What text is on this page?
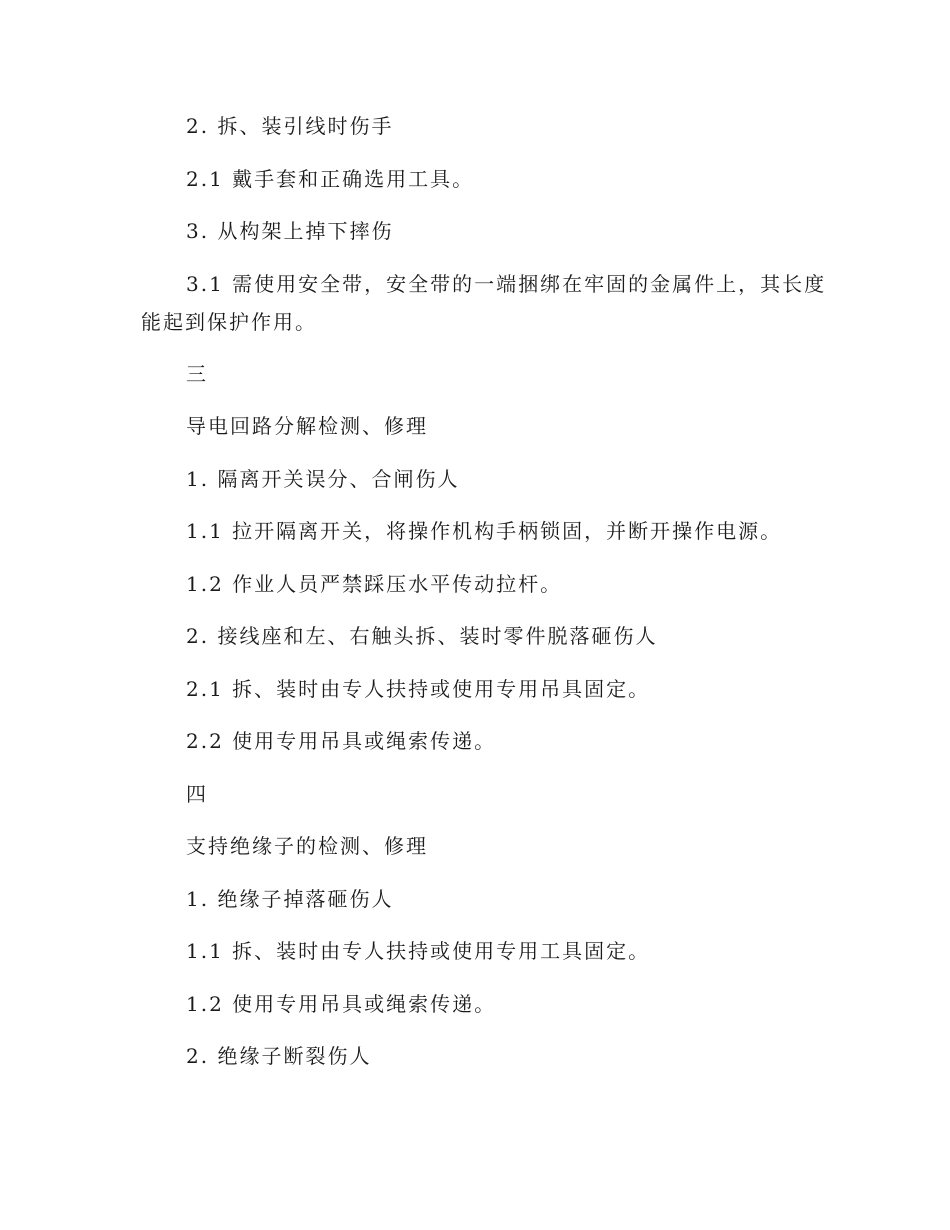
2. 拆、装引线时伤手

2.1 戴手套和正确选用工具。

3. 从构架上掉下摔伤

3.1 需使用安全带，安全带的一端捆绑在牢固的金属件上，其长度

能起到保护作用。

三

导电回路分解检测、修理

1. 隔离开关误分、合闸伤人

1.1 拉开隔离开关，将操作机构手柄锁固，并断开操作电源。

1.2 作业人员严禁踩压水平传动拉杆。

2. 接线座和左、右触头拆、装时零件脱落砸伤人

2.1 拆、装时由专人扶持或使用专用吊具固定。

2.2 使用专用吊具或绳索传递。

四

支持绝缘子的检测、修理

1. 绝缘子掉落砸伤人

1.1 拆、装时由专人扶持或使用专用工具固定。

1.2 使用专用吊具或绳索传递。

2. 绝缘子断裂伤人
